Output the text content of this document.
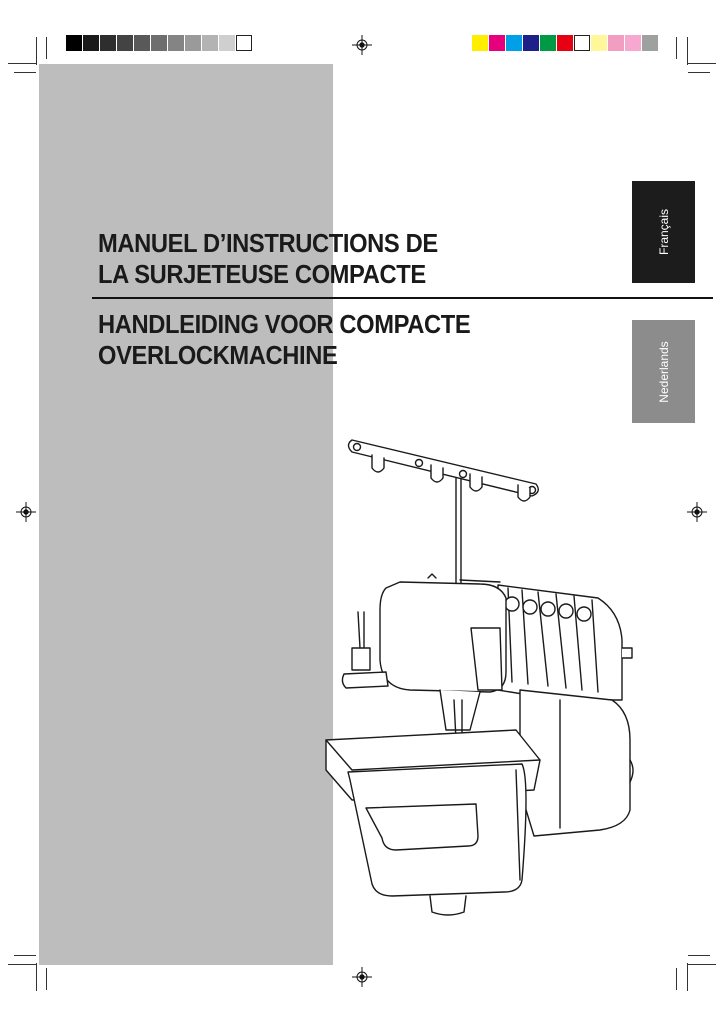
MANUEL D’INSTRUCTIONS DE
LA SURJETEUSE COMPACTE
HANDLEIDING VOOR COMPACTE
OVERLOCKMACHINE
Français
Nederlands
